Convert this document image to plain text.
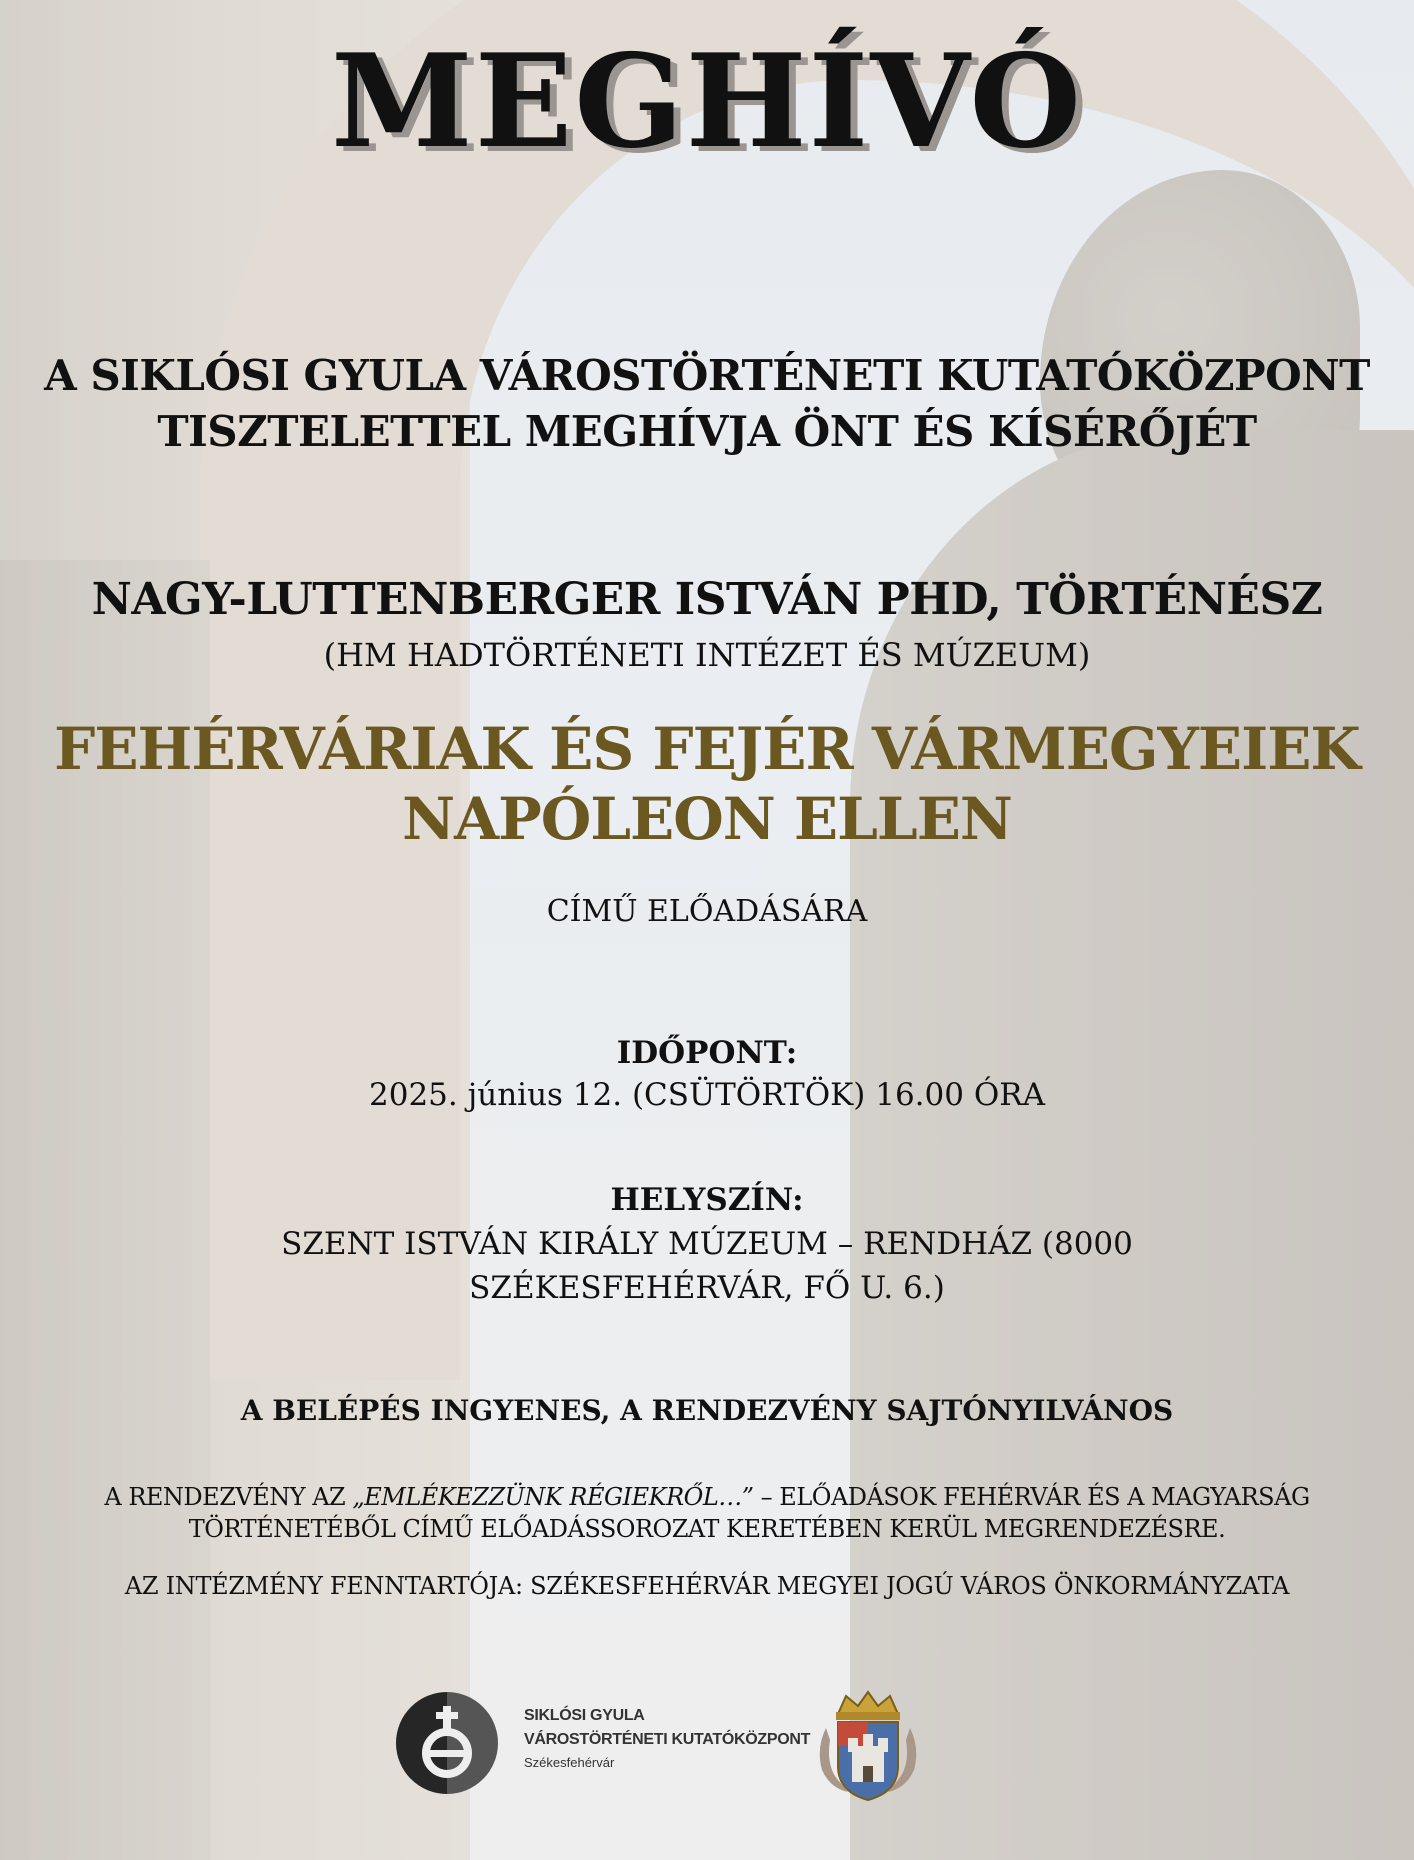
MEGHÍVÓ
A SIKLÓSI GYULA VÁROSTÖRTÉNETI KUTATÓKÖZPONT
TISZTELETTEL MEGHÍVJA ÖNT ÉS KÍSÉRŐJÉT
NAGY-LUTTENBERGER ISTVÁN PHD, TÖRTÉNÉSZ
(HM HADTÖRTÉNETI INTÉZET ÉS MÚZEUM)
FEHÉRVÁRIAK ÉS FEJÉR VÁRMEGYEIEK
NAPÓLEON ELLEN
CÍMŰ ELŐADÁSÁRA
IDŐPONT:
2025. június 12. (CSÜTÖRTÖK) 16.00 ÓRA
HELYSZÍN:
SZENT ISTVÁN KIRÁLY MÚZEUM – RENDHÁZ (8000
SZÉKESFEHÉRVÁR, FŐ U. 6.)
A BELÉPÉS INGYENES, A RENDEZVÉNY SAJTÓNYILVÁNOS
A RENDEZVÉNY AZ „EMLÉKEZZÜNK RÉGIEKRŐL…” – ELŐADÁSOK FEHÉRVÁR ÉS A MAGYARSÁG
TÖRTÉNETÉBŐL CÍMŰ ELŐADÁSSOROZAT KERETÉBEN KERÜL MEGRENDEZÉSRE.
AZ INTÉZMÉNY FENNTARTÓJA: SZÉKESFEHÉRVÁR MEGYEI JOGÚ VÁROS ÖNKORMÁNYZATA
SIKLÓSI GYULA
VÁROSTÖRTÉNETI KUTATÓKÖZPONT
Székesfehérvár
